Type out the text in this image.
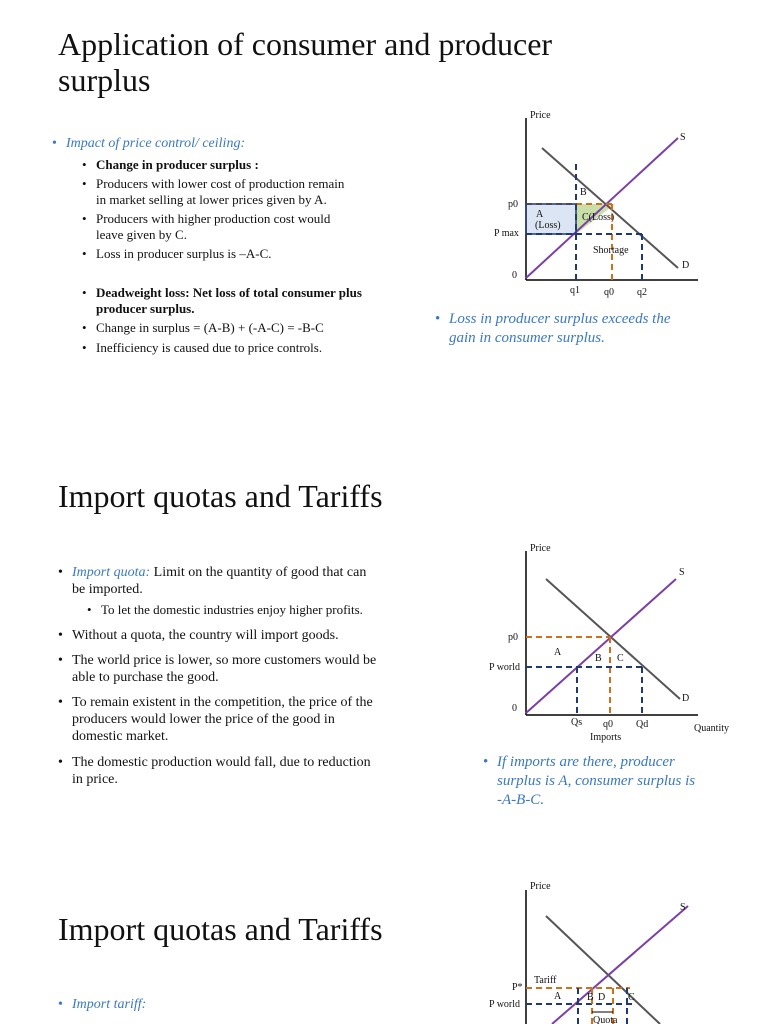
Application of consumer and producer
surplus
• Impact of price control/ ceiling:
• Change in producer surplus :
• Producers with lower cost of production remain
in market selling at lower prices given by A.
• Producers with higher production cost would
leave given by C.
• Loss in producer surplus is –A-C.
• Deadweight loss: Net loss of total consumer plus
producer surplus.
• Change in surplus = (A-B) + (-A-C) = -B-C
• Inefficiency is caused due to price controls.
• Loss in producer surplus exceeds the
gain in consumer surplus.
Price
S
D
p0
P max
0
A
(Loss)
B
C(Loss)
Shortage
q1 q0 q2
Import quotas and Tariffs
• Import quota: Limit on the quantity of good that can
be imported.
• To let the domestic industries enjoy higher profits.
• Without a quota, the country will import goods.
• The world price is lower, so more customers would be
able to purchase the good.
• To remain existent in the competition, the price of the
producers would lower the price of the good in
domestic market.
• The domestic production would fall, due to reduction
in price.
• If imports are there, producer
surplus is A, consumer surplus is
-A-B-C.
Price
S
D
p0
P world
0
A
B C
Qs q0 Qd
Imports
Quantity
Import quotas and Tariffs
• Import tariff:
Price
S
P*
P world
Tariff
A	B D C
Quota
